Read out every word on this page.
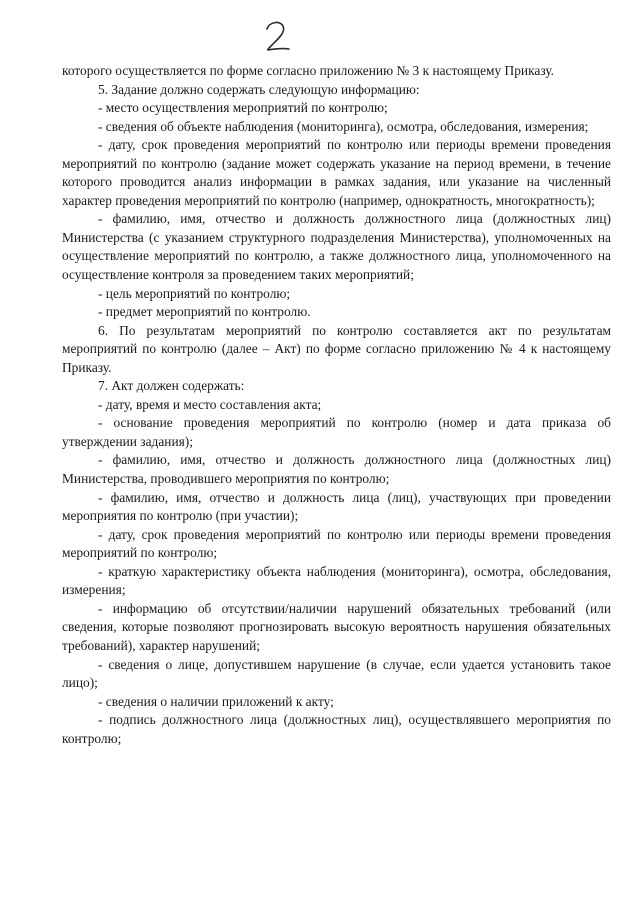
которого осуществляется по форме согласно приложению № 3 к настоящему Приказу.

5. Задание должно содержать следующую информацию:

- место осуществления мероприятий по контролю;

- сведения об объекте наблюдения (мониторинга), осмотра, обследования, измерения;

- дату, срок проведения мероприятий по контролю или периоды времени проведения мероприятий по контролю (задание может содержать указание на период времени, в течение которого проводится анализ информации в рамках задания, или указание на численный характер проведения мероприятий по контролю (например, однократность, многократность);

- фамилию, имя, отчество и должность должностного лица (должностных лиц) Министерства (с указанием структурного подразделения Министерства), уполномоченных на осуществление мероприятий по контролю, а также должностного лица, уполномоченного на осуществление контроля за проведением таких мероприятий;

- цель мероприятий по контролю;

- предмет мероприятий по контролю.

6. По результатам мероприятий по контролю составляется акт по результатам мероприятий по контролю (далее – Акт) по форме согласно приложению № 4 к настоящему Приказу.

7. Акт должен содержать:

- дату, время и место составления акта;

- основание проведения мероприятий по контролю (номер и дата приказа об утверждении задания);

- фамилию, имя, отчество и должность должностного лица (должностных лиц) Министерства, проводившего мероприятия по контролю;

- фамилию, имя, отчество и должность лица (лиц), участвующих при проведении мероприятия по контролю (при участии);

- дату, срок проведения мероприятий по контролю или периоды времени проведения мероприятий по контролю;

- краткую характеристику объекта наблюдения (мониторинга), осмотра, обследования, измерения;

- информацию об отсутствии/наличии нарушений обязательных требований (или сведения, которые позволяют прогнозировать высокую вероятность нарушения обязательных требований), характер нарушений;

- сведения о лице, допустившем нарушение (в случае, если удается установить такое лицо);

- сведения о наличии приложений к акту;

- подпись должностного лица (должностных лиц), осуществлявшего мероприятия по контролю;
